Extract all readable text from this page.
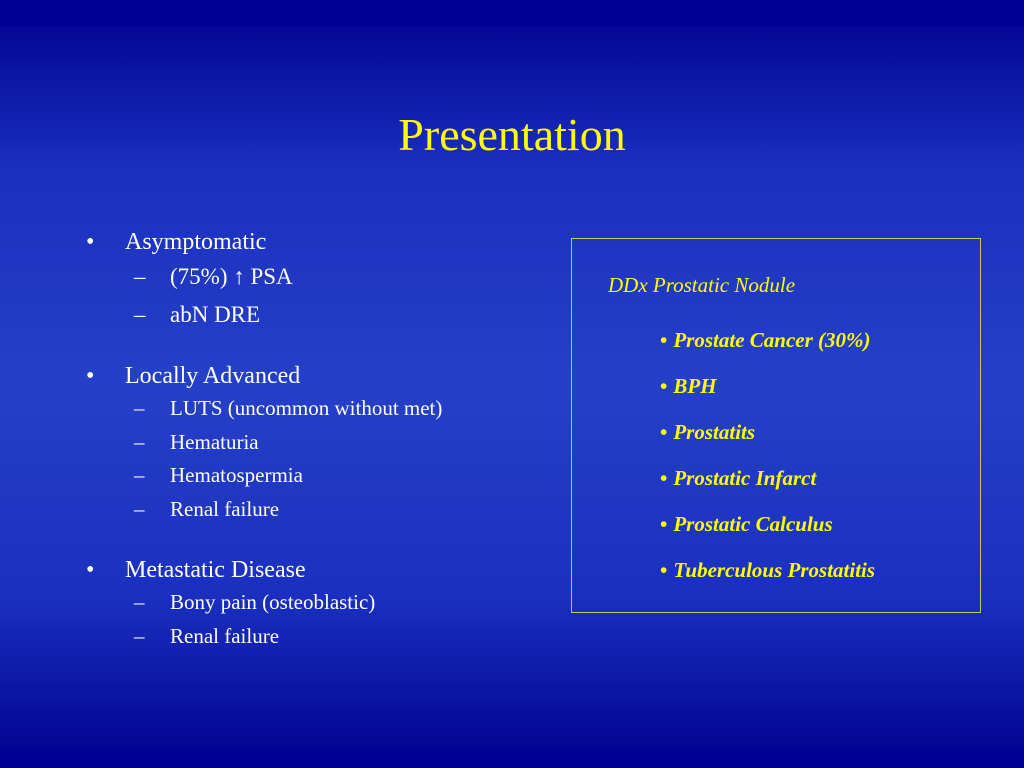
Presentation
• Asymptomatic
– (75%) ↑ PSA
– abN DRE
• Locally Advanced
– LUTS (uncommon without met)
– Hematuria
– Hematospermia
– Renal failure
• Metastatic Disease
– Bony pain (osteoblastic)
– Renal failure
DDx Prostatic Nodule
• Prostate Cancer (30%)
• BPH
• Prostatits
• Prostatic Infarct
• Prostatic Calculus
• Tuberculous Prostatitis
